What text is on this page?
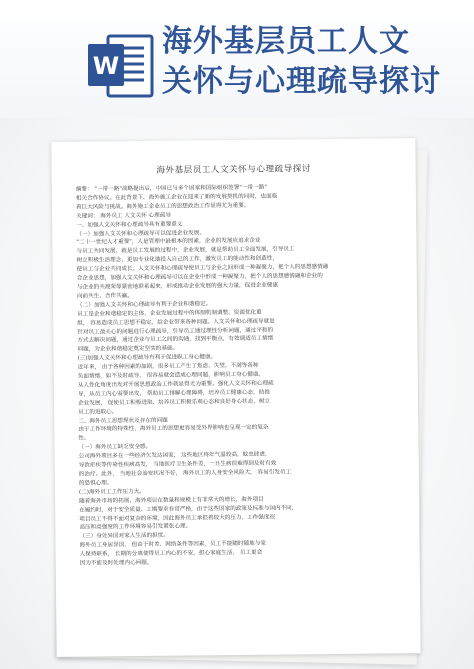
W
海外基层员工人文
关怀与心理疏导探讨
海外基层员工人文关怀与心理疏导探讨

摘要： "一带一路"战略提出后，中国已与多个国家和国际组织签署"一带一路"

相关合作协议。在此背景下，海外施工企业在迎来了新的发展契机的同时，也面临

着巨大风险与挑战。海外施工企业员工的思想政治工作显得尤为重要。

关键词： 海外员工 人文关怀 心理疏导

一、加强人文关怀和心理疏导具有重要意义

（一）加强人文关怀和心理疏导可以促进企业发展。

"二十一世纪人才重要"，人是管理中最根本的因素，企业的发展应追求企业

与员工共同发展，就是员工发展的过程中，企业发展，就是帮助员工全面发展，引导员工

树立积极生活理念，更加专业化地投入自己的工作，激发员工的能动性和创造性，

使员工与企业共同成长。人文关怀和心理疏导使员工与企业之间形成一种凝聚力，把个人的思想感情融

合企业思想，加强人文关怀和心理疏导可以在企业中形成一种凝聚力，把个人的思想感情融和企业的

与企业的共渡荣辱紧密地联系起来，形成推动企业发展的强大力量，促进企业健康

向前共生、合作共赢。

（二）加强人文关怀和心理疏导有利于企业和谐稳定。

员工是企业和谐稳定的主体，企业发展过程中的体制机制调整、资源优化重

组， 容易造成员工思想不稳定，给企业带来各种问题。人文关怀和心理疏导就是

针对员工最关心的问题进行心理疏导，引导员工通过理性分析问题，通过平和的

方式去解决问题，通过企业与员工之间的沟通，找到平衡点，有效调适员工情绪

问题，为企业和谐稳定奠定坚实的基础。

(三)加强人文关怀和心理疏导有利于促进职工身心健康。

近年来， 由于各种因素的加剧，很多员工产生了焦虑、失望、不满等各种

负面情绪，如不及时疏导， 很容易就会造成心理问题，影响员工身心健康，

从人性化角度出发对开展思想政治工作就显得尤为重要。强化人文关怀和心理疏

导，从员工内心需要出发， 帮助员工排解心理障碍，培养员工健康心态，助推

企业发展， 促使员工积极进取、培养员工积极乐观心态和良好身心状态，树立

员工的进取心。

二、海外员工思想现状及存在的问题

由于工作环境的特殊性，海外员工的思想更容易受外界影响也呈现一定的复杂

性。

（一）海外员工缺乏安全感。

公司海外项目多在一些经济欠发达国家， 这些地区终年气温较高，蚊虫肆虐，

导致疟疾等传染性疾病高发， 当地医疗卫生条件差，一旦生病很难得到及时有效

的治疗。此外， 当地社会治安状况不好， 海外员工的人身安全风险大， 容易引发员工

的恐惧心理。

(二)海外员工工作压力大。

随着海外市场的拓展，海外项目在数量和规模上有非常大的增长，海外项目

在履约时，对于安全质量、工期要求非常严格，由于这些国家的政策及标准与国内不同，

项目员工不得不面对复杂的环境，因此海外员工承担着较大的压力。工作强度很

高压和高强度的工作环境容易引发紧张心理。

（三）身处异国对家人生活的担忧。

海外员工身居异国， 但由于时差、网络条件等因素，员工不能随时随地与家

人保持联系， 长期的分离使得员工内心的不安，担心家庭生活， 员工更会

因为不能及时处理内心问题。
